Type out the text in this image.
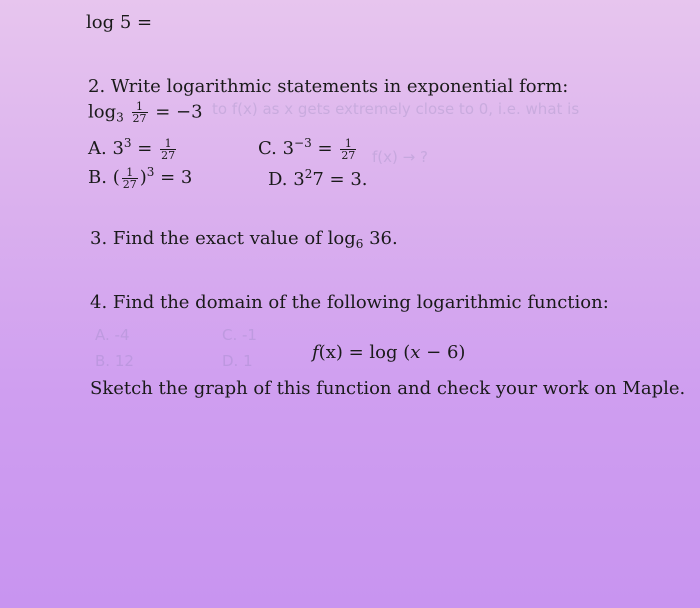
to f(x) as x gets extremely close to 0, i.e. what is
f(x) → ?
A. -4	C. -1
B. 12	D. 1
log 5 =
2. Write logarithmic statements in exponential form:
$\log_3 \frac{1}{27} = -3$
A. $3^3 = \frac{1}{27}$	C. $3^{-3} = \frac{1}{27}$
B. ( $\frac{1}{27} )^3 = 3$	D. $3^27 = 3$.
3. Find the exact value of $\log_6 36$.
4. Find the domain of the following logarithmic function:
f(x) = log (x − 6)
Sketch the graph of this function and check your work on Maple.
